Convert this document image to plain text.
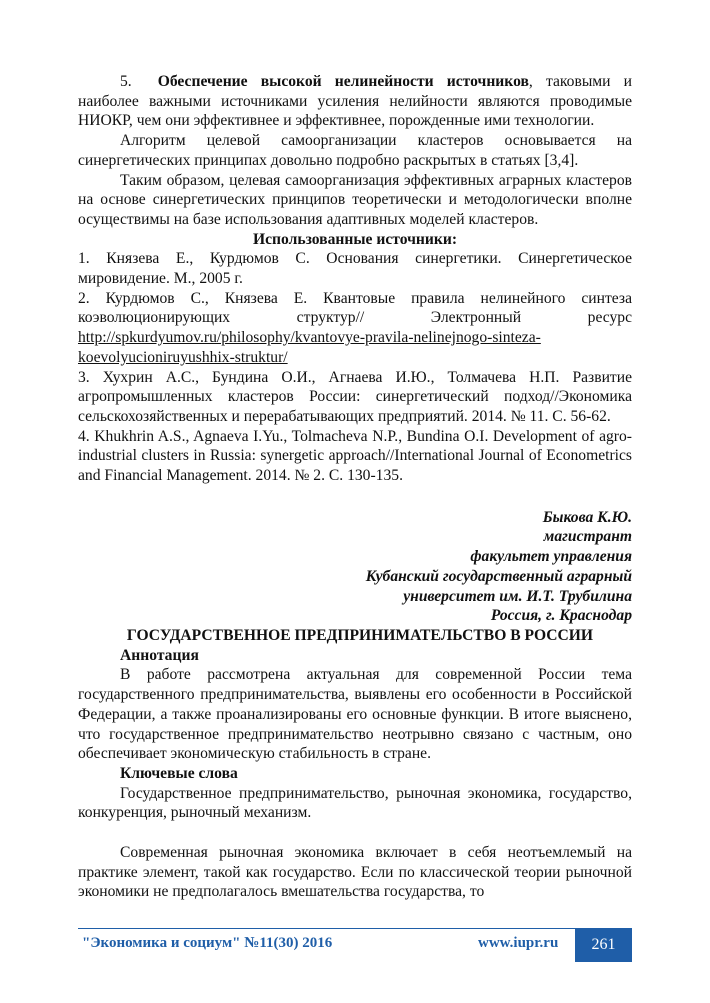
5. Обеспечение высокой нелинейности источников, таковыми и наиболее важными источниками усиления нелийности являются проводимые НИОКР, чем они эффективнее и эффективнее, порожденные ими технологии.

Алгоритм целевой самоорганизации кластеров основывается на синергетических принципах довольно подробно раскрытых в статьях [3,4].

Таким образом, целевая самоорганизация эффективных аграрных кластеров на основе синергетических принципов теоретически и методологически вполне осуществимы на базе использования адаптивных моделей кластеров.

Использованные источники:

1. Князева Е., Курдюмов С. Основания синергетики. Синергетическое мировидение. М., 2005 г.

2. Курдюмов С., Князева Е. Квантовые правила нелинейного синтеза коэволюционирующих структур// Электронный ресурс

http://spkurdyumov.ru/philosophy/kvantovye-pravila-nelinejnogo-sinteza-koevolyucioniruyushhix-struktur/

3. Хухрин А.С., Бундина О.И., Агнаева И.Ю., Толмачева Н.П. Развитие агропромышленных кластеров России: синергетический подход//Экономика сельскохозяйственных и перерабатывающих предприятий. 2014. № 11. С. 56-62.

4. Khukhrin A.S., Agnaeva I.Yu., Tolmacheva N.P., Bundina O.I. Development of agro-industrial clusters in Russia: synergetic approach//International Journal of Econometrics and Financial Management. 2014. № 2. С. 130-135.

Быкова К.Ю.
магистрант
факультет управления
Кубанский государственный аграрный
университет им. И.Т. Трубилина
Россия, г. Краснодар

ГОСУДАРСТВЕННОЕ ПРЕДПРИНИМАТЕЛЬСТВО В РОССИИ

Аннотация

В работе рассмотрена актуальная для современной России тема государственного предпринимательства, выявлены его особенности в Российской Федерации, а также проанализированы его основные функции. В итоге выяснено, что государственное предпринимательство неотрывно связано с частным, оно обеспечивает экономическую стабильность в стране.

Ключевые слова

Государственное предпринимательство, рыночная экономика, государство, конкуренция, рыночный механизм.

Современная рыночная экономика включает в себя неотъемлемый на практике элемент, такой как государство. Если по классической теории рыночной экономики не предполагалось вмешательства государства, то

"Экономика и социум" №11(30) 2016	www.iupr.ru	261
